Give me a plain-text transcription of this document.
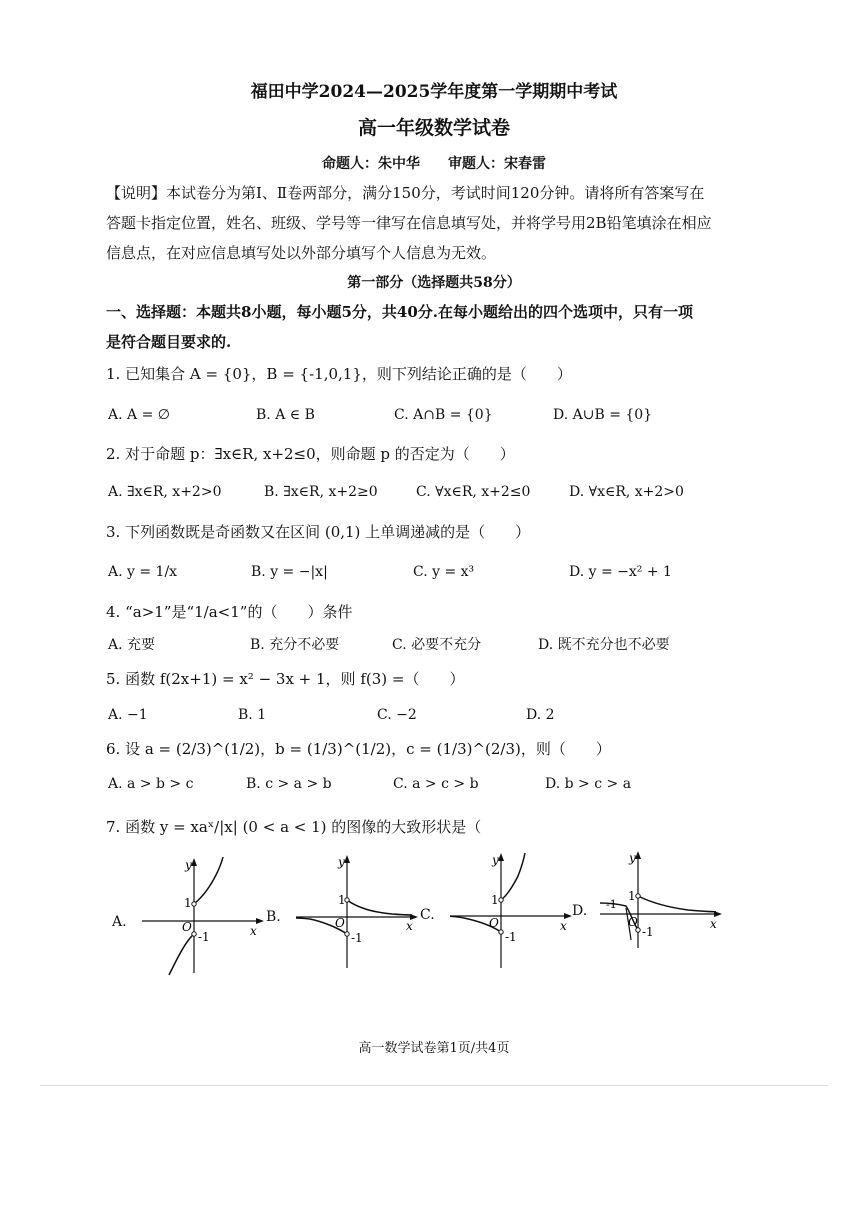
福田中学2024—2025学年度第一学期期中考试
高一年级数学试卷
命题人：朱中华　　审题人：宋春雷
【说明】本试卷分为第Ⅰ、Ⅱ卷两部分，满分150分，考试时间120分钟。请将所有答案写在
答题卡指定位置，姓名、班级、学号等一律写在信息填写处，并将学号用2B铅笔填涂在相应
信息点，在对应信息填写处以外部分填写个人信息为无效。
第一部分（选择题共58分）
一、选择题：本题共8小题，每小题5分，共40分.在每小题给出的四个选项中，只有一项
是符合题目要求的.
1. 已知集合 A = {0}，B = {-1,0,1}，则下列结论正确的是（　　）
A. A = ∅	B. A ∈ B	C. A∩B = {0}	D. A∪B = {0}
2. 对于命题 p：∃x∈R, x+2≤0，则命题 p 的否定为（　　）
A. ∃x∈R, x+2>0	B. ∃x∈R, x+2≥0	C. ∀x∈R, x+2≤0	D. ∀x∈R, x+2>0
3. 下列函数既是奇函数又在区间 (0,1) 上单调递减的是（　　）
A. y = 1/x	B. y = −|x|	C. y = x³	D. y = −x² + 1
4. “a>1”是“1/a<1”的（　　）条件
A. 充要	B. 充分不必要	C. 必要不充分	D. 既不充分也不必要
5. 函数 f(2x+1) = x² − 3x + 1，则 f(3) =（　　）
A. −1	B. 1	C. −2	D. 2
6. 设 a = (2/3)^(1/2)，b = (1/3)^(1/2)，c = (1/3)^(2/3)，则（　　）
A. a > b > c	B. c > a > b	C. a > c > b	D. b > c > a
7. 函数 y = xaˣ/|x| (0 < a < 1) 的图像的大致形状是（
A.	B.	C.	D.
y
x
1
O
-1
y
x
1
O
-1
y
x
1
O
-1
y
x
1
O
-1
-1
高一数学试卷第1页/共4页
